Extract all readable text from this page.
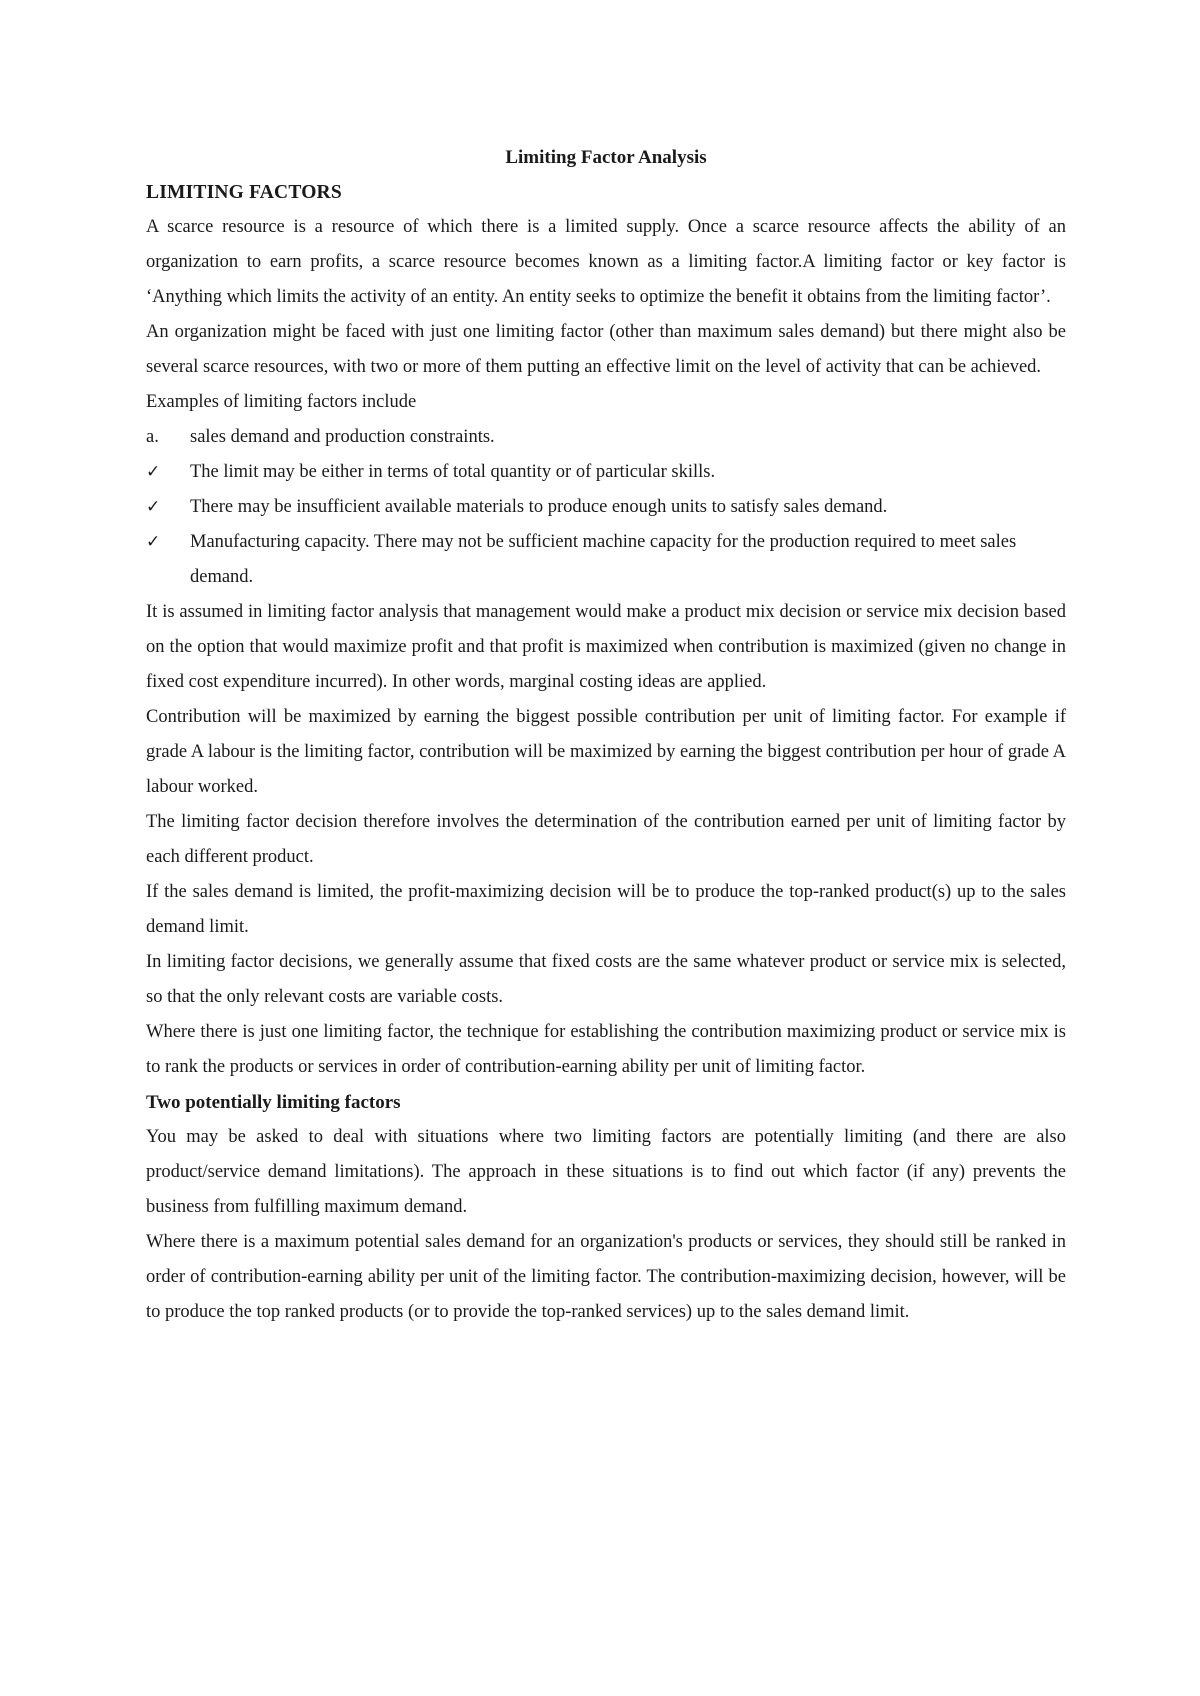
Limiting Factor Analysis
LIMITING FACTORS

A scarce resource is a resource of which there is a limited supply. Once a scarce resource affects the ability of an organization to earn profits, a scarce resource becomes known as a limiting factor.A limiting factor or key factor is ‘Anything which limits the activity of an entity. An entity seeks to optimize the benefit it obtains from the limiting factor’.

An organization might be faced with just one limiting factor (other than maximum sales demand) but there might also be several scarce resources, with two or more of them putting an effective limit on the level of activity that can be achieved.

Examples of limiting factors include

a.	sales demand and production constraints.
✓	The limit may be either in terms of total quantity or of particular skills.
✓	There may be insufficient available materials to produce enough units to satisfy sales demand.
✓	Manufacturing capacity. There may not be sufficient machine capacity for the production required to meet sales demand.

It is assumed in limiting factor analysis that management would make a product mix decision or service mix decision based on the option that would maximize profit and that profit is maximized when contribution is maximized (given no change in fixed cost expenditure incurred). In other words, marginal costing ideas are applied.

Contribution will be maximized by earning the biggest possible contribution per unit of limiting factor. For example if grade A labour is the limiting factor, contribution will be maximized by earning the biggest contribution per hour of grade A labour worked.

The limiting factor decision therefore involves the determination of the contribution earned per unit of limiting factor by each different product.

If the sales demand is limited, the profit-maximizing decision will be to produce the top-ranked product(s) up to the sales demand limit.

In limiting factor decisions, we generally assume that fixed costs are the same whatever product or service mix is selected, so that the only relevant costs are variable costs.

Where there is just one limiting factor, the technique for establishing the contribution maximizing product or service mix is to rank the products or services in order of contribution-earning ability per unit of limiting factor.

Two potentially limiting factors

You may be asked to deal with situations where two limiting factors are potentially limiting (and there are also product/service demand limitations). The approach in these situations is to find out which factor (if any) prevents the business from fulfilling maximum demand.

Where there is a maximum potential sales demand for an organization's products or services, they should still be ranked in order of contribution-earning ability per unit of the limiting factor. The contribution-maximizing decision, however, will be to produce the top ranked products (or to provide the top-ranked services) up to the sales demand limit.
